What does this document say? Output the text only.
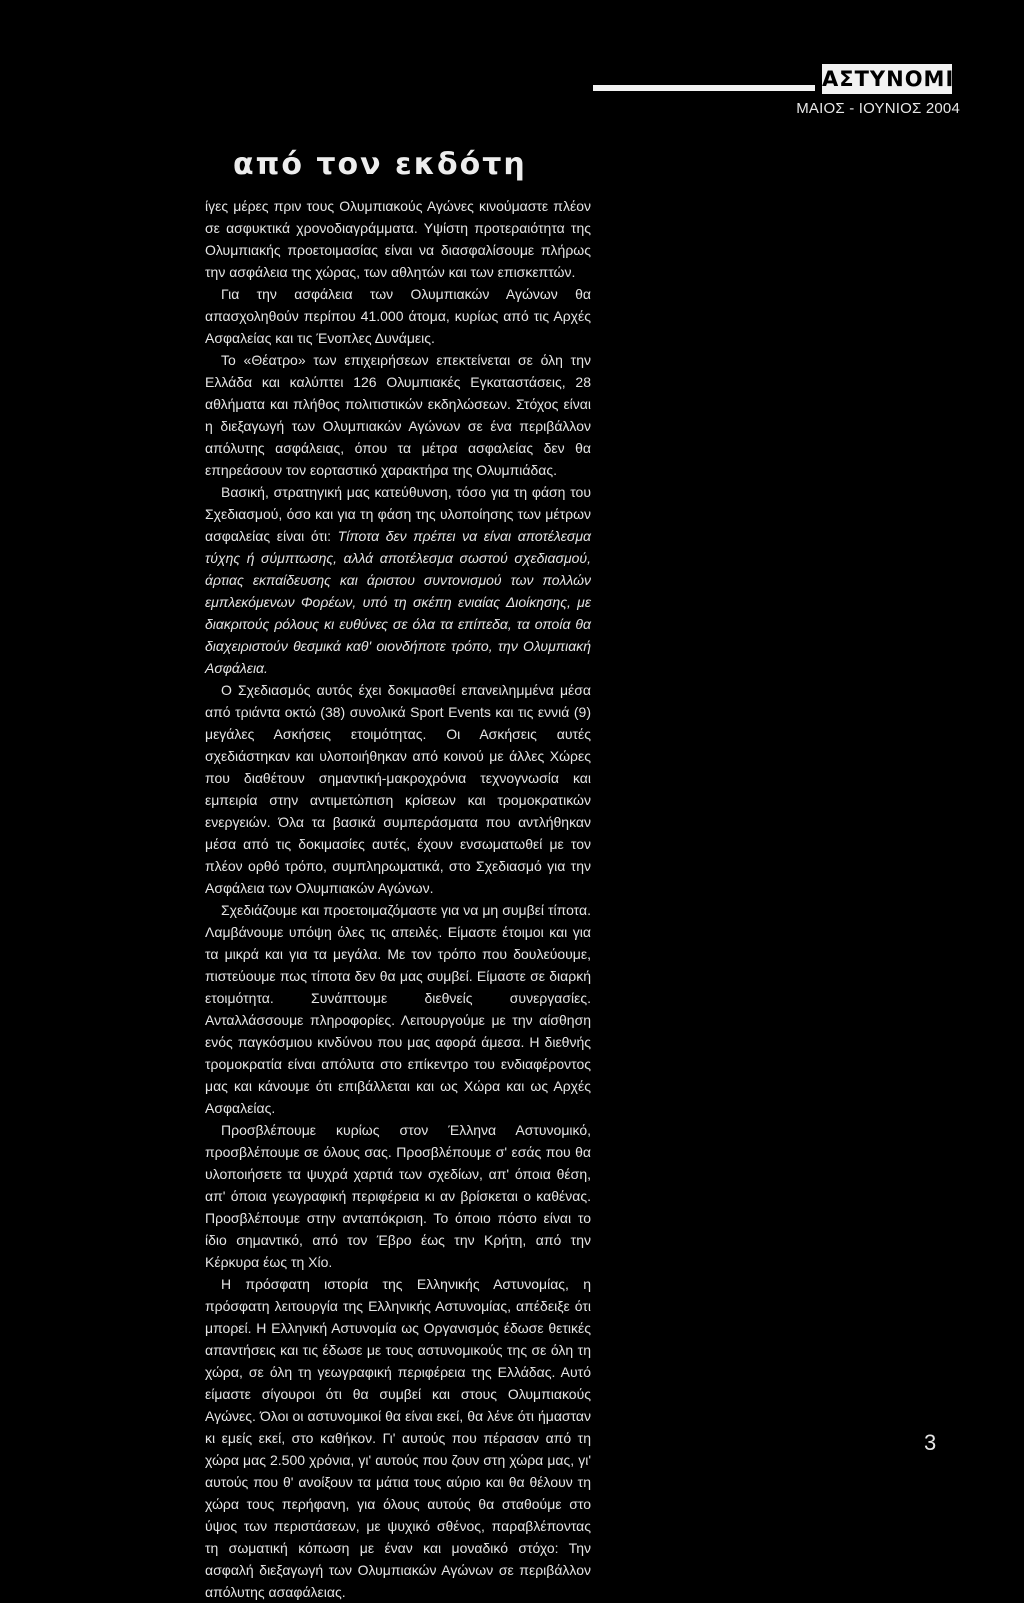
ΑΣΤΥΝΟΜΙΚΗ
ΜΑΙΟΣ - ΙΟΥΝΙΟΣ 2004
από τον εκδότη

ίγες μέρες πριν τους Ολυμπιακούς Αγώνες κινούμαστε πλέον σε ασφυκτικά χρονοδιαγράμματα. Υψίστη προτεραιότητα της Ολυμπιακής προετοιμασίας είναι να διασφαλίσουμε πλήρως την ασφάλεια της χώρας, των αθλητών και των επισκεπτών.

Για την ασφάλεια των Ολυμπιακών Αγώνων θα απασχοληθούν περίπου 41.000 άτομα, κυρίως από τις Αρχές Ασφαλείας και τις Ένοπλες Δυνάμεις.

Το «Θέατρο» των επιχειρήσεων επεκτείνεται σε όλη την Ελλάδα και καλύπτει 126 Ολυμπιακές Εγκαταστάσεις, 28 αθλήματα και πλήθος πολιτιστικών εκδηλώσεων. Στόχος είναι η διεξαγωγή των Ολυμπιακών Αγώνων σε ένα περιβάλλον απόλυτης ασφάλειας, όπου τα μέτρα ασφαλείας δεν θα επηρεάσουν τον εορταστικό χαρακτήρα της Ολυμπιάδας.

Βασική, στρατηγική μας κατεύθυνση, τόσο για τη φάση του Σχεδιασμού, όσο και για τη φάση της υλοποίησης των μέτρων ασφαλείας είναι ότι: Τίποτα δεν πρέπει να είναι αποτέλεσμα τύχης ή σύμπτωσης, αλλά αποτέλεσμα σωστού σχεδιασμού, άρτιας εκπαίδευσης και άριστου συντονισμού των πολλών εμπλεκόμενων Φορέων, υπό τη σκέπη ενιαίας Διοίκησης, με διακριτούς ρόλους κι ευθύνες σε όλα τα επίπεδα, τα οποία θα διαχειριστούν θεσμικά καθ' οιονδήποτε τρόπο, την Ολυμπιακή Ασφάλεια.

Ο Σχεδιασμός αυτός έχει δοκιμασθεί επανειλημμένα μέσα από τριάντα οκτώ (38) συνολικά Sport Events και τις εννιά (9) μεγάλες Ασκήσεις ετοιμότητας. Οι Ασκήσεις αυτές σχεδιάστηκαν και υλοποιήθηκαν από κοινού με άλλες Χώρες που διαθέτουν σημαντική-μακροχρόνια τεχνογνωσία και εμπειρία στην αντιμετώπιση κρίσεων και τρομοκρατικών ενεργειών. Όλα τα βασικά συμπεράσματα που αντλήθηκαν μέσα από τις δοκιμασίες αυτές, έχουν ενσωματωθεί με τον πλέον ορθό τρόπο, συμπληρωματικά, στο Σχεδιασμό για την Ασφάλεια των Ολυμπιακών Αγώνων.

Σχεδιάζουμε και προετοιμαζόμαστε για να μη συμβεί τίποτα. Λαμβάνουμε υπόψη όλες τις απειλές. Είμαστε έτοιμοι και για τα μικρά και για τα μεγάλα. Με τον τρόπο που δουλεύουμε, πιστεύουμε πως τίποτα δεν θα μας συμβεί. Είμαστε σε διαρκή ετοιμότητα. Συνάπτουμε διεθνείς συνεργασίες. Ανταλλάσσουμε πληροφορίες. Λειτουργούμε με την αίσθηση ενός παγκόσμιου κινδύνου που μας αφορά άμεσα. Η διεθνής τρομοκρατία είναι απόλυτα στο επίκεντρο του ενδιαφέροντος μας και κάνουμε ότι επιβάλλεται και ως Χώρα και ως Αρχές Ασφαλείας.

Προσβλέπουμε κυρίως στον Έλληνα Αστυνομικό, προσβλέπουμε σε όλους σας. Προσβλέπουμε σ' εσάς που θα υλοποιήσετε τα ψυχρά χαρτιά των σχεδίων, απ' όποια θέση, απ' όποια γεωγραφική περιφέρεια κι αν βρίσκεται ο καθένας. Προσβλέπουμε στην ανταπόκριση. Το όποιο πόστο είναι το ίδιο σημαντικό, από τον Έβρο έως την Κρήτη, από την Κέρκυρα έως τη Χίο.

Η πρόσφατη ιστορία της Ελληνικής Αστυνομίας, η πρόσφατη λειτουργία της Ελληνικής Αστυνομίας, απέδειξε ότι μπορεί. Η Ελληνική Αστυνομία ως Οργανισμός έδωσε θετικές απαντήσεις και τις έδωσε με τους αστυνομικούς της σε όλη τη χώρα, σε όλη τη γεωγραφική περιφέρεια της Ελλάδας. Αυτό είμαστε σίγουροι ότι θα συμβεί και στους Ολυμπιακούς Αγώνες. Όλοι οι αστυνομικοί θα είναι εκεί, θα λένε ότι ήμασταν κι εμείς εκεί, στο καθήκον. Γι' αυτούς που πέρασαν από τη χώρα μας 2.500 χρόνια, γι' αυτούς που ζουν στη χώρα μας, γι' αυτούς που θ' ανοίξουν τα μάτια τους αύριο και θα θέλουν τη χώρα τους περήφανη, για όλους αυτούς θα σταθούμε στο ύψος των περιστάσεων, με ψυχικό σθένος, παραβλέποντας τη σωματική κόπωση με έναν και μοναδικό στόχο: Την ασφαλή διεξαγωγή των Ολυμπιακών Αγώνων σε περιβάλλον απόλυτης ασαφάλειας.

3
